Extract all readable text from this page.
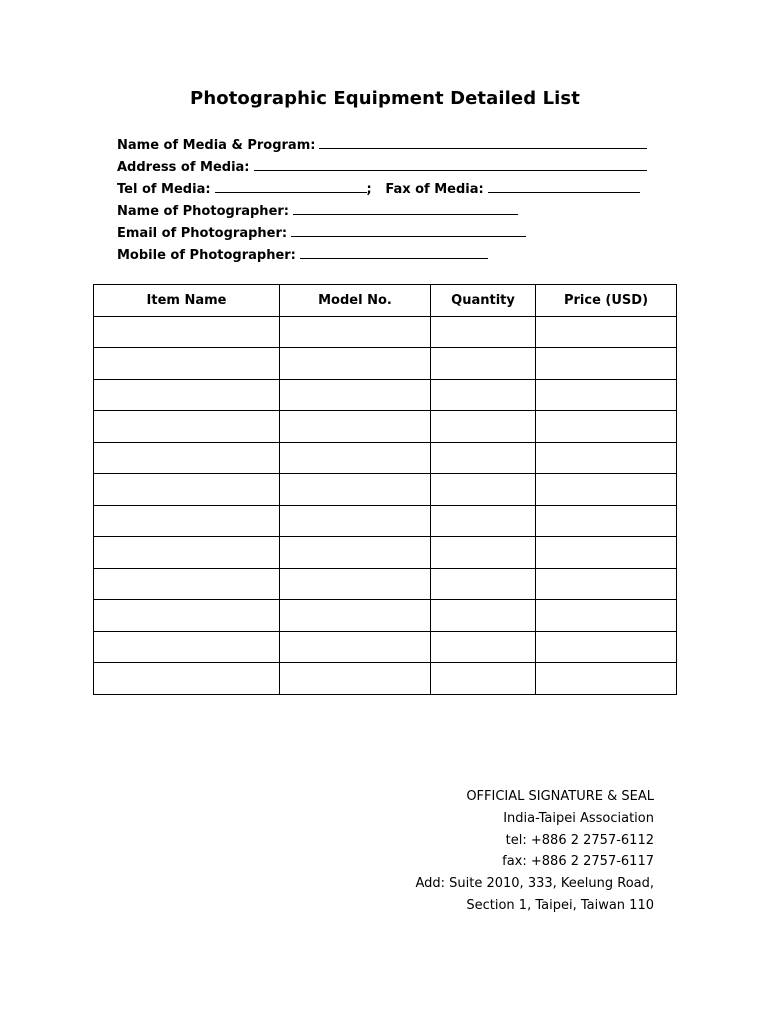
Photographic Equipment Detailed List
Name of Media & Program:
Address of Media:
Tel of Media:	; Fax of Media:
Name of Photographer:
Email of Photographer:
Mobile of Photographer:
Item Name	Model No.	Quantity	Price (USD)

OFFICIAL SIGNATURE & SEAL
India-Taipei Association
tel: +886 2 2757-6112
fax: +886 2 2757-6117
Add: Suite 2010, 333, Keelung Road,
Section 1, Taipei, Taiwan 110
